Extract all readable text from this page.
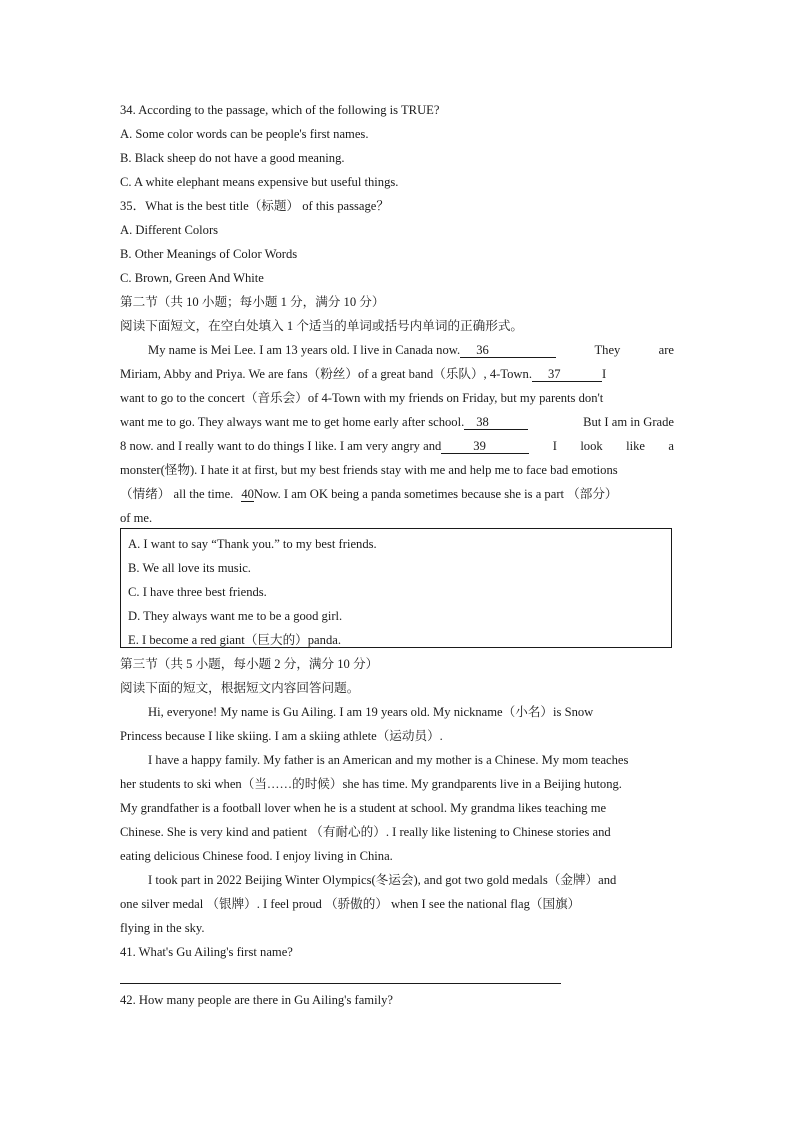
34. According to the passage, which of the following is TRUE?
A. Some color words can be people's first names.
B. Black sheep do not have a good meaning.
C. A white elephant means expensive but useful things.
35．What is the best title（标题） of this passage？
A. Different Colors
B. Other Meanings of Color Words
C. Brown, Green And White
第二节（共 10 小题；每小题 1 分，满分 10 分）
阅读下面短文，在空白处填入 1 个适当的单词或括号内单词的正确形式。
My name is Mei Lee. I am 13 years old. I live in Canada now. 36	They	are
Miriam, Abby and Priya. We are fans（粉丝）of a great band（乐队）, 4-Town. 37	I
want to go to the concert（音乐会）of 4-Town with my friends on Friday, but my parents don't
want me to go. They always want me to get home early after school. 38	But I am in Grade
8 now. and I really want to do things I like. I am very angry and	39	I look like a
monster(怪物). I hate it at first, but my best friends stay with me and help me to face bad emotions
（情绪） all the time. 40Now. I am OK being a panda sometimes because she is a part （部分）
of me.
A. I want to say “Thank you.” to my best friends.
B. We all love its music.
C. I have three best friends.
D. They always want me to be a good girl.
E. I become a red giant（巨大的）panda.
第三节（共 5 小题，每小题 2 分，满分 10 分）
阅读下面的短文，根据短文内容回答问题。
Hi, everyone! My name is Gu Ailing. I am 19 years old. My nickname（小名）is Snow
Princess because I like skiing. I am a skiing athlete（运动员）.
I have a happy family. My father is an American and my mother is a Chinese. My mom teaches
her students to ski when（当……的时候）she has time. My grandparents live in a Beijing hutong.
My grandfather is a football lover when he is a student at school. My grandma likes teaching me
Chinese. She is very kind and patient （有耐心的）. I really like listening to Chinese stories and
eating delicious Chinese food. I enjoy living in China.
I took part in 2022 Beijing Winter Olympics(冬运会), and got two gold medals（金牌）and
one silver medal （银牌）. I feel proud （骄傲的） when I see the national flag（国旗）
flying in the sky.
41. What's Gu Ailing's first name?
42. How many people are there in Gu Ailing's family?
